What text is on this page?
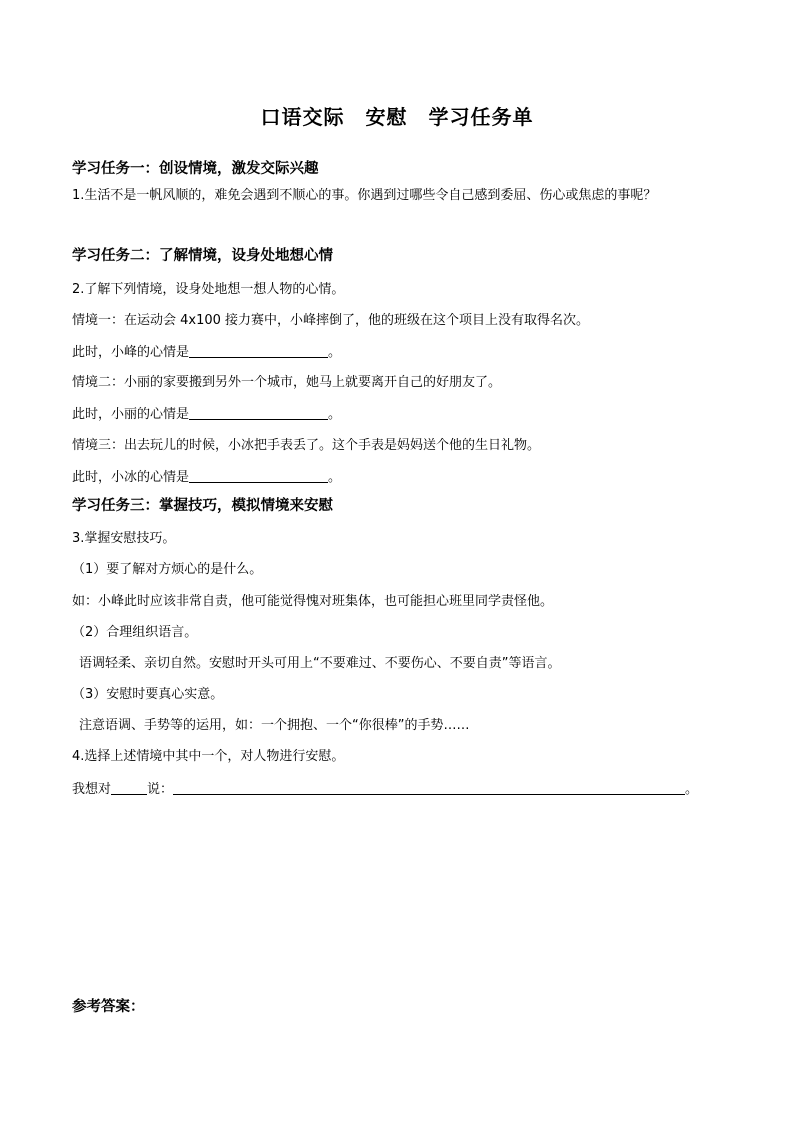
口语交际　安慰　学习任务单
学习任务一：创设情境，激发交际兴趣
1.生活不是一帆风顺的，难免会遇到不顺心的事。你遇到过哪些令自己感到委屈、伤心或焦虑的事呢？
学习任务二：了解情境，设身处地想心情
2.了解下列情境，设身处地想一想人物的心情。
情境一：在运动会 4x100 接力赛中，小峰摔倒了，他的班级在这个项目上没有取得名次。
此时，小峰的心情是	。
情境二：小丽的家要搬到另外一个城市，她马上就要离开自己的好朋友了。
此时，小丽的心情是	。
情境三：出去玩儿的时候，小冰把手表丢了。这个手表是妈妈送个他的生日礼物。
此时，小冰的心情是	。
学习任务三：掌握技巧，模拟情境来安慰
3.掌握安慰技巧。
（1）要了解对方烦心的是什么。
如：小峰此时应该非常自责，他可能觉得愧对班集体，也可能担心班里同学责怪他。
（2）合理组织语言。
语调轻柔、亲切自然。安慰时开头可用上“不要难过、不要伤心、不要自责”等语言。
（3）安慰时要真心实意。
注意语调、手势等的运用，如：一个拥抱、一个“你很棒”的手势……
4.选择上述情境中其中一个，对人物进行安慰。
我想对	说：	。
参考答案：
